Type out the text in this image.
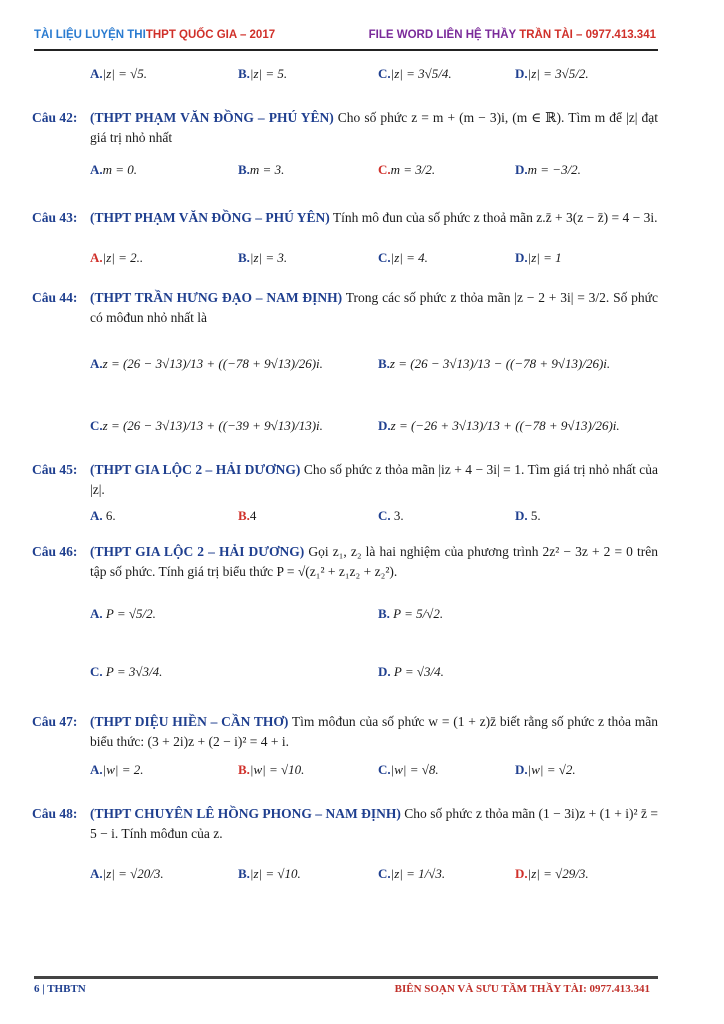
TÀI LIỆU LUYỆN THITHPT QUỐC GIA – 2017	FILE WORD LIÊN HỆ THẦY TRẦN TÀI – 0977.413.341
A.|z| = √5.	B.|z| = 5.	C.|z| = 3√5/4.	D.|z| = 3√5/2.
Câu 42: (THPT PHẠM VĂN ĐỒNG – PHÚ YÊN) Cho số phức z = m + (m − 3)i, (m ∈ ℝ). Tìm m để |z| đạt giá trị nhỏ nhất
A.m = 0.	B.m = 3.	C.m = 3/2.	D.m = −3/2.
Câu 43: (THPT PHẠM VĂN ĐỒNG – PHÚ YÊN) Tính mô đun của số phức z thoả mãn z.z̄ + 3(z − z̄) = 4 − 3i.
A.|z| = 2..	B.|z| = 3.	C.|z| = 4.	D.|z| = 1
Câu 44: (THPT TRẦN HƯNG ĐẠO – NAM ĐỊNH) Trong các số phức z thỏa mãn |z − 2 + 3i| = 3/2. Số phức có môđun nhỏ nhất là
A.z = (26 − 3√13)/13 + ((−78 + 9√13)/26)i.	B.z = (26 − 3√13)/13 − ((−78 + 9√13)/26)i.
C.z = (26 − 3√13)/13 + ((−39 + 9√13)/13)i.	D.z = (−26 + 3√13)/13 + ((−78 + 9√13)/26)i.
Câu 45: (THPT GIA LỘC 2 – HẢI DƯƠNG) Cho số phức z thỏa mãn |iz + 4 − 3i| = 1. Tìm giá trị nhỏ nhất của |z|.
A. 6.	B.4	C. 3.	D. 5.
Câu 46: (THPT GIA LỘC 2 – HẢI DƯƠNG) Gọi z₁, z₂ là hai nghiệm của phương trình 2z² − 3z + 2 = 0 trên tập số phức. Tính giá trị biểu thức P = √(z₁² + z₁z₂ + z₂²).
A. P = √5/2.	B. P = 5/√2.
C. P = 3√3/4.	D. P = √3/4.
Câu 47: (THPT DIỆU HIỀN – CẦN THƠ) Tìm môđun của số phức w = (1 + z)z̄ biết rằng số phức z thỏa mãn biểu thức: (3 + 2i)z + (2 − i)² = 4 + i.
A.|w| = 2.	B.|w| = √10.	C.|w| = √8.	D.|w| = √2.
Câu 48: (THPT CHUYÊN LÊ HỒNG PHONG – NAM ĐỊNH) Cho số phức z thỏa mãn (1 − 3i)z + (1 + i)² z̄ = 5 − i. Tính môđun của z.
A.|z| = √20/3.	B.|z| = √10.	C.|z| = 1/√3.	D.|z| = √29/3.
6 | THBTN	BIÊN SOẠN VÀ SƯU TẦM THẦY TÀI: 0977.413.341
